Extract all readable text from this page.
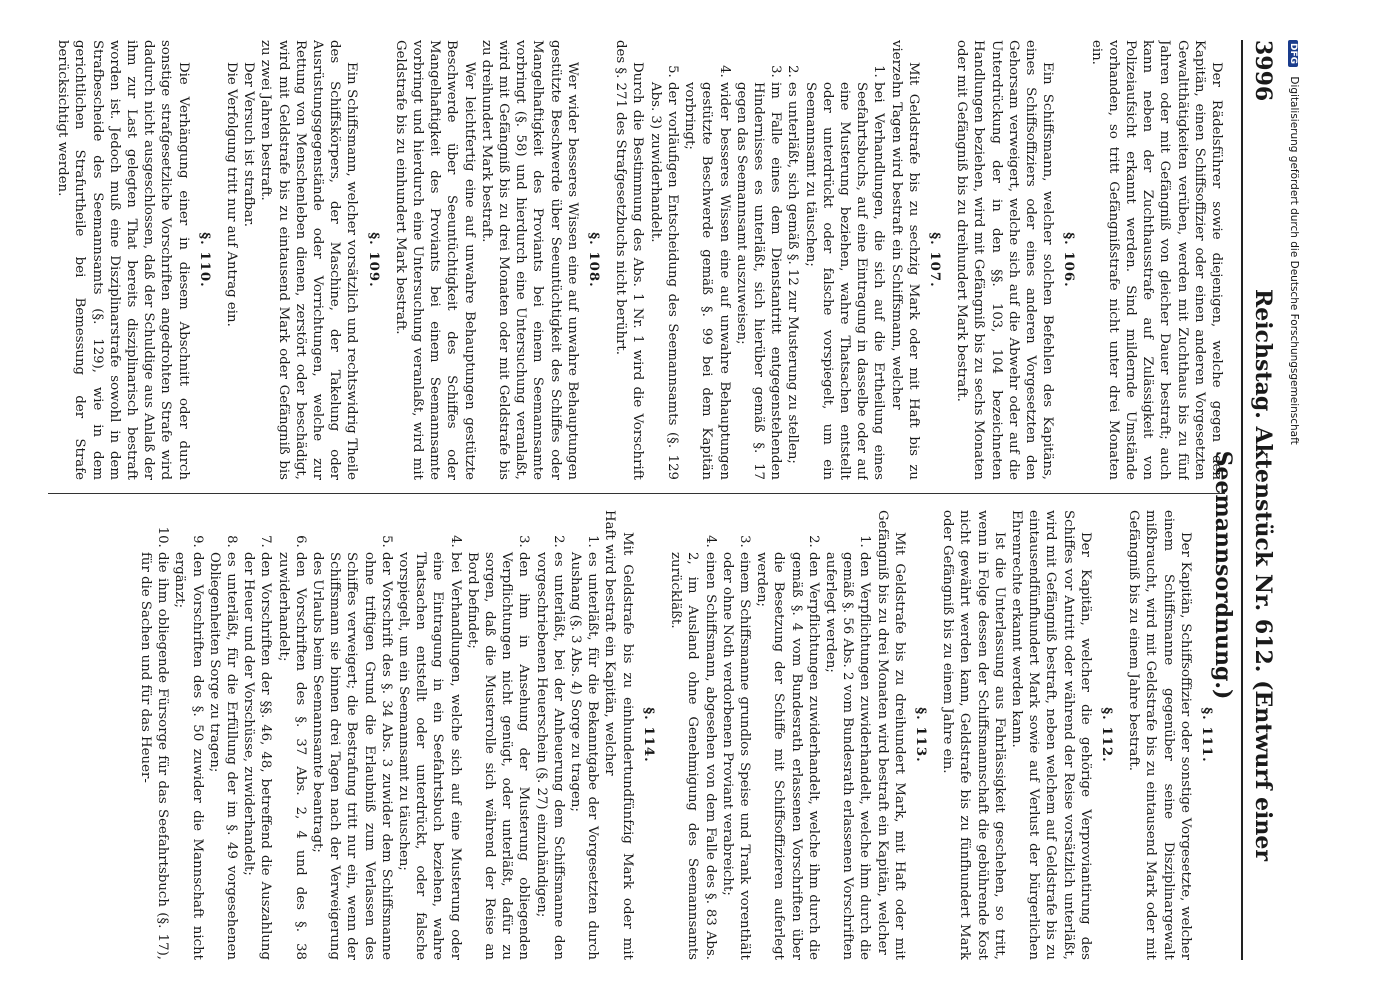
3996
Reichstag. Aktenstück Nr. 612. (Entwurf einer Seemannsordnung.)

Der Rädelsführer sowie diejenigen, welche gegen den Kapitän, einen Schiffsoffizier oder einen anderen Vorgesetzten Gewaltthätigkeiten verüben, werden mit Zuchthaus bis zu fünf Jahren oder mit Gefängniß von gleicher Dauer bestraft; auch kann neben der Zuchthausstrafe auf Zulässigkeit von Polizeiaufsicht erkannt werden. Sind mildernde Umstände vorhanden, so tritt Gefängnißstrafe nicht unter drei Monaten ein.

§. 106.

Ein Schiffsmann, welcher solchen Befehlen des Kapitäns, eines Schiffsoffiziers oder eines anderen Vorgesetzten den Gehorsam verweigert, welche sich auf die Abwehr oder auf die Unterdrückung der in den §§. 103, 104 bezeichneten Handlungen beziehen, wird mit Gefängniß bis zu sechs Monaten oder mit Gefängniß bis zu dreihundert Mark bestraft.

§. 107.

Mit Geldstrafe bis zu sechzig Mark oder mit Haft bis zu vierzehn Tagen wird bestraft ein Schiffsmann, welcher

1. bei Verhandlungen, die sich auf die Ertheilung eines Seefahrtsbuchs, auf eine Eintragung in dasselbe oder auf eine Musterung beziehen, wahre Thatsachen entstellt oder unterdrückt oder falsche vorspiegelt, um ein Seemannsamt zu täuschen;
2. es unterläßt, sich gemäß §. 12 zur Musterung zu stellen;
3. im Falle eines dem Dienstantritt entgegenstehenden Hindernisses es unterläßt, sich hierüber gemäß §. 17 gegen das Seemannsamt auszuweisen;
4. wider besseres Wissen eine auf unwahre Behauptungen gestützte Beschwerde gemäß §. 99 bei dem Kapitän vorbringt;
5. der vorläufigen Entscheidung des Seemannsamts (§. 129 Abs. 3) zuwiderhandelt.

Durch die Bestimmung des Abs. 1 Nr. 1 wird die Vorschrift des §. 271 des Strafgesetzbuchs nicht berührt.

§. 108.

Wer wider besseres Wissen eine auf unwahre Behauptungen gestützte Beschwerde über Seeuntüchtigkeit des Schiffes oder Mangelhaftigkeit des Proviants bei einem Seemannsamte vorbringt (§. 58) und hierdurch eine Untersuchung veranlaßt, wird mit Gefängniß bis zu drei Monaten oder mit Geldstrafe bis zu dreihundert Mark bestraft.

Wer leichtfertig eine auf unwahre Behauptungen gestützte Beschwerde über Seeuntüchtigkeit des Schiffes oder Mangelhaftigkeit des Proviants bei einem Seemannsamte vorbringt und hierdurch eine Untersuchung veranlaßt, wird mit Geldstrafe bis zu einhundert Mark bestraft.

§. 109.

Ein Schiffsmann, welcher vorsätzlich und rechtswidrig Theile des Schiffskörpers, der Maschine, der Takelung oder Ausrüstungsgegenstände oder Vorrichtungen, welche zur Rettung von Menschenleben dienen, zerstört oder beschädigt, wird mit Geldstrafe bis zu eintausend Mark oder Gefängniß bis zu zwei Jahren bestraft.

Der Versuch ist strafbar.

Die Verfolgung tritt nur auf Antrag ein.

§. 110.

Die Verhängung einer in diesem Abschnitt oder durch sonstige strafgesetzliche Vorschriften angedrohten Strafe wird dadurch nicht ausgeschlossen, daß der Schuldige aus Anlaß der ihm zur Last gelegten That bereits disziplinarisch bestraft worden ist. Jedoch muß eine Disziplinarstrafe sowohl in dem Strafbescheide des Seemannsamts (§. 129), wie in dem gerichtlichen Strafurtheile bei Bemessung der Strafe berücksichtigt werden.

§. 111.

Der Kapitän, Schiffsoffizier oder sonstige Vorgesetzte, welcher einem Schiffsmanne gegenüber seine Disziplinargewalt mißbraucht, wird mit Geldstrafe bis zu eintausend Mark oder mit Gefängniß bis zu einem Jahre bestraft.

§. 112.

Der Kapitän, welcher die gehörige Verproviantirung des Schiffes vor Antritt oder während der Reise vorsätzlich unterläßt, wird mit Gefängniß bestraft, neben welchem auf Geldstrafe bis zu eintausendfünfhundert Mark sowie auf Verlust der bürgerlichen Ehrenrechte erkannt werden kann.

Ist die Unterlassung aus Fahrlässigkeit geschehen, so tritt, wenn in Folge dessen der Schiffsmannschaft die gebührende Kost nicht gewährt werden kann, Geldstrafe bis zu fünfhundert Mark oder Gefängniß bis zu einem Jahre ein.

§. 113.

Mit Geldstrafe bis zu dreihundert Mark, mit Haft oder mit Gefängniß bis zu drei Monaten wird bestraft ein Kapitän, welcher

1. den Verpflichtungen zuwiderhandelt, welche ihm durch die gemäß §. 56 Abs. 2 vom Bundesrath erlassenen Vorschriften auferlegt werden;
2. den Verpflichtungen zuwiderhandelt, welche ihm durch die gemäß §. 4 vom Bundesrath erlassenen Vorschriften über die Besetzung der Schiffe mit Schiffsoffizieren auferlegt werden;
3. einem Schiffsmanne grundlos Speise und Trank vorenthält oder ohne Noth verdorbenen Proviant verabreicht;
4. einen Schiffsmann, abgesehen von dem Falle des §. 83 Abs. 2, im Ausland ohne Genehmigung des Seemannsamts zurückläßt.
§. 114.

Mit Geldstrafe bis zu einhundertundfünfzig Mark oder mit Haft wird bestraft ein Kapitän, welcher

1. es unterläßt, für die Bekanntgabe der Vorgesetzten durch Aushang (§. 3 Abs. 4) Sorge zu tragen;
2. es unterläßt, bei der Anheuerung dem Schiffsmanne den vorgeschriebenen Heuerschein (§. 27) einzuhändigen;
3. den ihm in Ansehung der Musterung obliegenden Verpflichtungen nicht genügt, oder unterläßt, dafür zu sorgen, daß die Musterrolle sich während der Reise an Bord befindet;
4. bei Verhandlungen, welche sich auf eine Musterung oder eine Eintragung in ein Seefahrtsbuch beziehen, wahre Thatsachen entstellt oder unterdrückt, oder falsche vorspiegelt, um ein Seemannsamt zu täuschen;
5. der Vorschrift des §. 34 Abs. 3 zuwider dem Schiffsmanne ohne triftigen Grund die Erlaubniß zum Verlassen des Schiffes verweigert; die Bestrafung tritt nur ein, wenn der Schiffsmann sie binnen drei Tagen nach der Verweigerung des Urlaubs beim Seemannsamte beantragt;
6. den Vorschriften des §. 37 Abs. 2, 4 und des §. 38 zuwiderhandelt;
7. den Vorschriften der §§. 46, 48, betreffend die Auszahlung der Heuer und der Vorschüsse, zuwiderhandelt;
8. es unterläßt, für die Erfüllung der im §. 49 vorgesehenen Obliegenheiten Sorge zu tragen;
9. den Vorschriften des §. 50 zuwider die Mannschaft nicht ergänzt;
10. die ihm obliegende Fürsorge für das Seefahrtsbuch (§. 17), für die Sachen und für das Heuer-
DFG Digitalisierung gefördert durch die Deutsche Forschungsgemeinschaft
